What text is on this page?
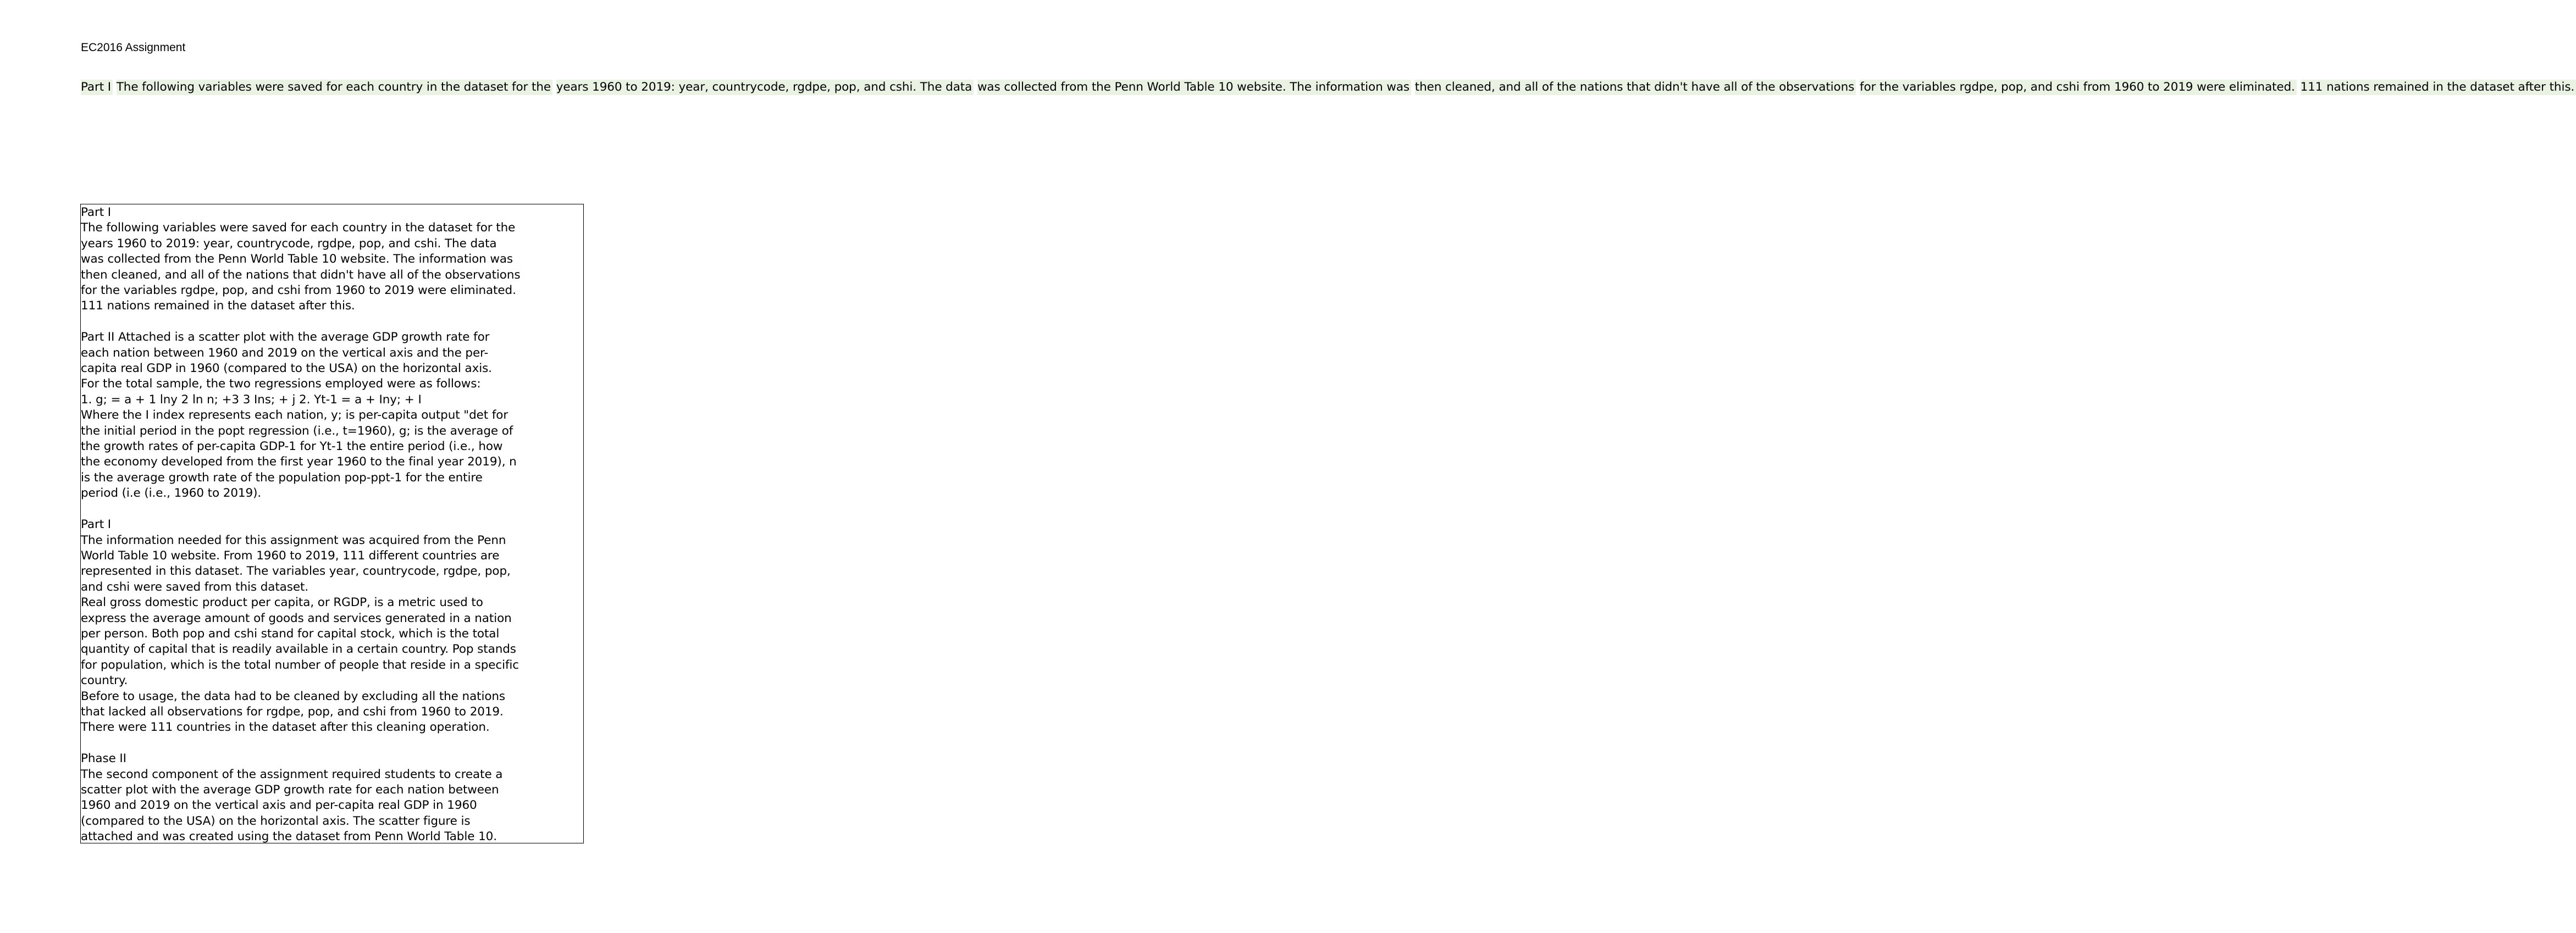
EC2016 Assignment
Part I The following variables were saved for each country in the dataset for the years 1960 to 2019: year, countrycode, rgdpe, pop, and cshi. The data was collected from the Penn World Table 10 website. The information was then cleaned, and all of the nations that didn't have all of the observations for the variables rgdpe, pop, and cshi from 1960 to 2019 were eliminated. 111 nations remained in the dataset after this.
Part I
The following variables were saved for each country in the dataset for the
years 1960 to 2019: year, countrycode, rgdpe, pop, and cshi. The data
was collected from the Penn World Table 10 website. The information was
then cleaned, and all of the nations that didn't have all of the observations
for the variables rgdpe, pop, and cshi from 1960 to 2019 were eliminated.
111 nations remained in the dataset after this.
Part II Attached is a scatter plot with the average GDP growth rate for
each nation between 1960 and 2019 on the vertical axis and the per-
capita real GDP in 1960 (compared to the USA) on the horizontal axis.
For the total sample, the two regressions employed were as follows:
1. g; = a + 1 lny 2 ln n; +3 3 Ins; + j 2. Yt-1 = a + Iny; + I
Where the I index represents each nation, y; is per-capita output "det for
the initial period in the popt regression (i.e., t=1960), g; is the average of
the growth rates of per-capita GDP-1 for Yt-1 the entire period (i.e., how
the economy developed from the first year 1960 to the final year 2019), n
is the average growth rate of the population pop-ppt-1 for the entire
period (i.e (i.e., 1960 to 2019).
Part I
The information needed for this assignment was acquired from the Penn
World Table 10 website. From 1960 to 2019, 111 different countries are
represented in this dataset. The variables year, countrycode, rgdpe, pop,
and cshi were saved from this dataset.
Real gross domestic product per capita, or RGDP, is a metric used to
express the average amount of goods and services generated in a nation
per person. Both pop and cshi stand for capital stock, which is the total
quantity of capital that is readily available in a certain country. Pop stands
for population, which is the total number of people that reside in a specific
country.
Before to usage, the data had to be cleaned by excluding all the nations
that lacked all observations for rgdpe, pop, and cshi from 1960 to 2019.
There were 111 countries in the dataset after this cleaning operation.
Phase II
The second component of the assignment required students to create a
scatter plot with the average GDP growth rate for each nation between
1960 and 2019 on the vertical axis and per-capita real GDP in 1960
(compared to the USA) on the horizontal axis. The scatter figure is
attached and was created using the dataset from Penn World Table 10.
